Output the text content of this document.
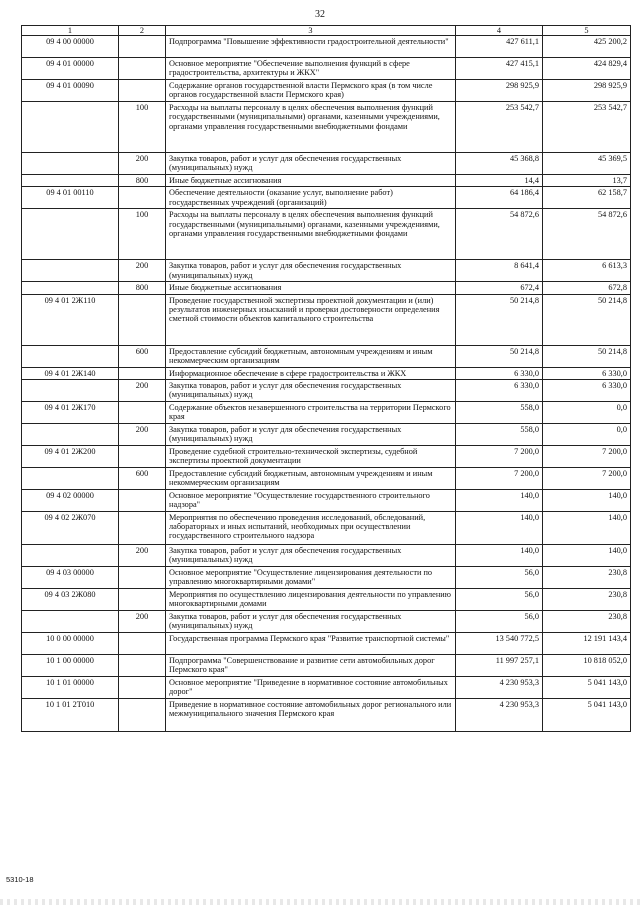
32
1	2	3	4	5
09 4 00 00000		Подпрограмма "Повышение эффективности градостроительной деятельности"	427 611,1	425 200,2
09 4 01 00000		Основное мероприятие "Обеспечение выполнения функций в сфере градостроительства, архитектуры и ЖКХ"	427 415,1	424 829,4
09 4 01 00090		Содержание органов государственной власти Пермского края (в том числе органов государственной власти Пермского края)	298 925,9	298 925,9
	100	Расходы на выплаты персоналу в целях обеспечения выполнения функций государственными (муниципальными) органами, казенными учреждениями, органами управления государственными внебюджетными фондами	253 542,7	253 542,7
	200	Закупка товаров, работ и услуг для обеспечения государственных (муниципальных) нужд	45 368,8	45 369,5
	800	Иные бюджетные ассигнования	14,4	13,7
09 4 01 00110		Обеспечение деятельности (оказание услуг, выполнение работ) государственных учреждений (организаций)	64 186,4	62 158,7
	100	Расходы на выплаты персоналу в целях обеспечения выполнения функций государственными (муниципальными) органами, казенными учреждениями, органами управления государственными внебюджетными фондами	54 872,6	54 872,6
	200	Закупка товаров, работ и услуг для обеспечения государственных (муниципальных) нужд	8 641,4	6 613,3
	800	Иные бюджетные ассигнования	672,4	672,8
09 4 01 2Ж110		Проведение государственной экспертизы проектной документации и (или) результатов инженерных изысканий и проверки достоверности определения сметной стоимости объектов капитального строительства	50 214,8	50 214,8
	600	Предоставление субсидий бюджетным, автономным учреждениям и иным некоммерческим организациям	50 214,8	50 214,8
09 4 01 2Ж140		Информационное обеспечение в сфере градостроительства и ЖКХ	6 330,0	6 330,0
	200	Закупка товаров, работ и услуг для обеспечения государственных (муниципальных) нужд	6 330,0	6 330,0
09 4 01 2Ж170		Содержание объектов незавершенного строительства на территории Пермского края	558,0	0,0
	200	Закупка товаров, работ и услуг для обеспечения государственных (муниципальных) нужд	558,0	0,0
09 4 01 2Ж200		Проведение судебной строительно-технической экспертизы, судебной экспертизы проектной документации	7 200,0	7 200,0
	600	Предоставление субсидий бюджетным, автономным учреждениям и иным некоммерческим организациям	7 200,0	7 200,0
09 4 02 00000		Основное мероприятие "Осуществление государственного строительного надзора"	140,0	140,0
09 4 02 2Ж070		Мероприятия по обеспечению проведения исследований, обследований, лабораторных и иных испытаний, необходимых при осуществлении государственного строительного надзора	140,0	140,0
	200	Закупка товаров, работ и услуг для обеспечения государственных (муниципальных) нужд	140,0	140,0
09 4 03 00000		Основное мероприятие "Осуществление лицензирования деятельности по управлению многоквартирными домами"	56,0	230,8
09 4 03 2Ж080		Мероприятия по осуществлению лицензирования деятельности по управлению многоквартирными домами	56,0	230,8
	200	Закупка товаров, работ и услуг для обеспечения государственных (муниципальных) нужд	56,0	230,8
10 0 00 00000		Государственная программа Пермского края "Развитие транспортной системы"	13 540 772,5	12 191 143,4
10 1 00 00000		Подпрограмма "Совершенствование и развитие сети автомобильных дорог Пермского края"	11 997 257,1	10 818 052,0
10 1 01 00000		Основное мероприятие "Приведение в нормативное состояние автомобильных дорог"	4 230 953,3	5 041 143,0
10 1 01 2Т010		Приведение в нормативное состояние автомобильных дорог регионального или межмуниципального значения Пермского края	4 230 953,3	5 041 143,0
5310-18
